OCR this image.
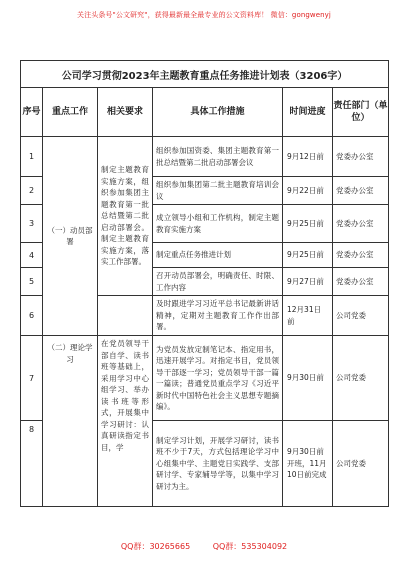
关注头条号"公文研究"，获得最新最全最专业的公文资料库！ 微信：gongwenyj
公司学习贯彻2023年主题教育重点任务推进计划表（3206字）					
序号	重点工作	相关要求	具体工作措施	时间进度	责任部门（单位）
1	（一）动员部署	制定主题教育实施方案，组织参加集团主题教育第一批总结暨第二批启动部署会。制定主题教育实施方案，落实工作部署。	组织参加国资委、集团主题教育第一批总结暨第二批启动部署会议	9月12日前	党委办公室
2			组织参加集团第二批主题教育培训会议	9月22日前	党委办公室
3			成立领导小组和工作机构，制定主题教育实施方案	9月25日前	党委办公室
4			制定重点任务推进计划	9月25日前	党委办公室
5			召开动员部署会，明确责任、时限、工作内容	9月27日前	党委办公室
6			及时跟进学习习近平总书记最新讲话精神，定期对主题教育工作作出部署。	12月31日前	公司党委
7	（二）理论学习	在党员领导干部自学、读书班等基础上，采用学习中心组学习、举办读书班等形式，开展集中学习研讨：认真研读指定书目，学	为党员发放定制笔记本、指定用书，迅速开展学习。对指定书目，党员领导干部逐一学习；党员领导干部一篇一篇读；普通党员重点学习《习近平新时代中国特色社会主义思想专题摘编》。	9月30日前	公司党委
8			制定学习计划，开展学习研讨，读书班不少于7天，方式包括理论学习中心组集中学、主题党日实践学、支部研讨学、专家辅导学等，以集中学习研讨为主。	9月30日前开班，11月10日前完成	公司党委
QQ群：30265665	QQ群：535304092
